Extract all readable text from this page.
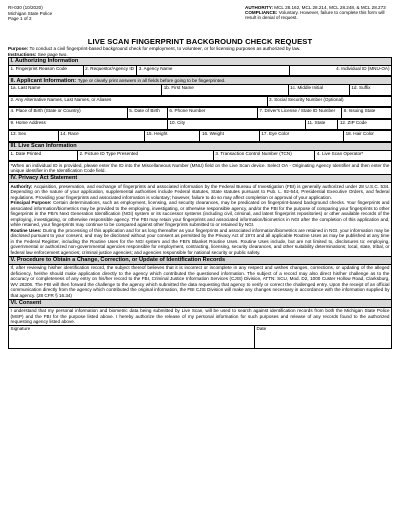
RI-030 (10/2020)
Michigan State Police
Page 1 of 2
AUTHORITY: MCL 28.162, MCL 28.214, MCL 28.248, & MCL 28.273
COMPLIANCE: Voluntary. However, failure to complete this form will result in denial of request.
LIVE SCAN FINGERPRINT BACKGROUND CHECK REQUEST
Purpose: To conduct a civil fingerprint-based background check for employment, to volunteer, or for licensing purposes as authorized by law.
Instructions: See page two.
I. Authorizing Information
1. Fingerprint Reason Code	2. Requestor/Agency ID	3. Agency Name	4. Individual ID (MNU-OA)
II. Applicant Information: Type or clearly print answers in all fields before going to be fingerprinted.
1a. Last Name	1b. First Name	1c. Middle Initial	1d. Suffix
2. Any Alternative Names, Last Names, or Aliases	3. Social Security Number (Optional)
4. Place of Birth (State or Country)	5. Date of Birth	6. Phone Number	7. Driver's License / State ID Number	8. Issuing State
9. Home Address	10. City	11. State	12. ZIP Code
13. Sex	14. Race	15. Height	16. Weight	17. Eye Color	18. Hair Color
III. Live Scan Information
1. Date Printed	2. Picture ID Type Presented	3. Transaction Control Number (TCN)	4. Live Scan Operator*
*When an individual ID is provided, please enter the ID into the Miscellaneous Number (MNU) field on the Live Scan device. Select OA - Originating Agency Identifier and then enter the unique identifier in the Identification Code field.
IV. Privacy Act Statement
Authority: Acquisition, preservation, and exchange of fingerprints and associated information by the Federal Bureau of Investigation (FBI) is generally authorized under 28 U.S.C. 534. Depending on the nature of your application, supplemental authorities include Federal statutes, State statutes pursuant to Pub. L. 92-544, Presidential Executive Orders, and federal regulations. Providing your fingerprints and associated information is voluntary; however, failure to do so may affect completion or approval of your application.
Principal Purpose: Certain determinations, such as employment, licensing, and security clearances, may be predicated on fingerprint-based background checks. Your fingerprints and associated information/biometrics may be provided to the employing, investigating, or otherwise responsible agency, and/or the FBI for the purpose of comparing your fingerprints to other fingerprints in the FBI's Next Generation Identification (NGI) system or its successor systems (including civil, criminal, and latent fingerprint repositories) or other available records of the employing, investigating, or otherwise responsible agency. The FBI may retain your fingerprints and associated information/biometrics in NGI after the completion of this application and, while retained, your fingerprints may continue to be compared against other fingerprints submitted to or retained by NGI.
Routine Uses: During the processing of this application and for as long thereafter as your fingerprints and associated information/biometrics are retained in NGI, your information may be disclosed pursuant to your consent, and may be disclosed without your consent as permitted by the Privacy Act of 1974 and all applicable Routine Uses as may be published at any time in the Federal Register, including the Routine Uses for the NGI system and the FBI's Blanket Routine Uses. Routine Uses include, but are not limited to, disclosures to: employing, governmental or authorized non-governmental agencies responsible for employment, contracting, licensing, security clearances, and other suitability determinations; local, state, tribal, or federal law enforcement agencies; criminal justice agencies; and agencies responsible for national security or public safety.
V. Procedure to Obtain a Change, Correction, or Update of Identification Records
If, after reviewing his/her identification record, the subject thereof believes that it is incorrect or incomplete in any respect and wishes changes, corrections, or updating of the alleged deficiency, he/she should make application directly to the agency which contributed the questioned information. The subject of a record may also direct his/her challenge as to the accuracy or completeness of any entry on his/her record to the FBI, Criminal Justice Information Services (CJIS) Division, ATTN: SCU, Mod. D2, 1000 Custer Hollow Road, Clarksburg, WV 26306. The FBI will then forward the challenge to the agency which submitted the data requesting that agency to verify or correct the challenged entry. Upon the receipt of an official communication directly from the agency which contributed the original information, the FBI CJIS Division will make any changes necessary in accordance with the information supplied by that agency. (28 CFR § 16.34)
VI. Consent
I understand that my personal information and biometric data being submitted by Live Scan, will be used to search against identification records from both the Michigan State Police (MSP) and the FBI for the purpose listed above. I hereby authorize the release of my personal information for such purposes and release of any records found to the authorized requesting agency listed above.
Signature	Date
